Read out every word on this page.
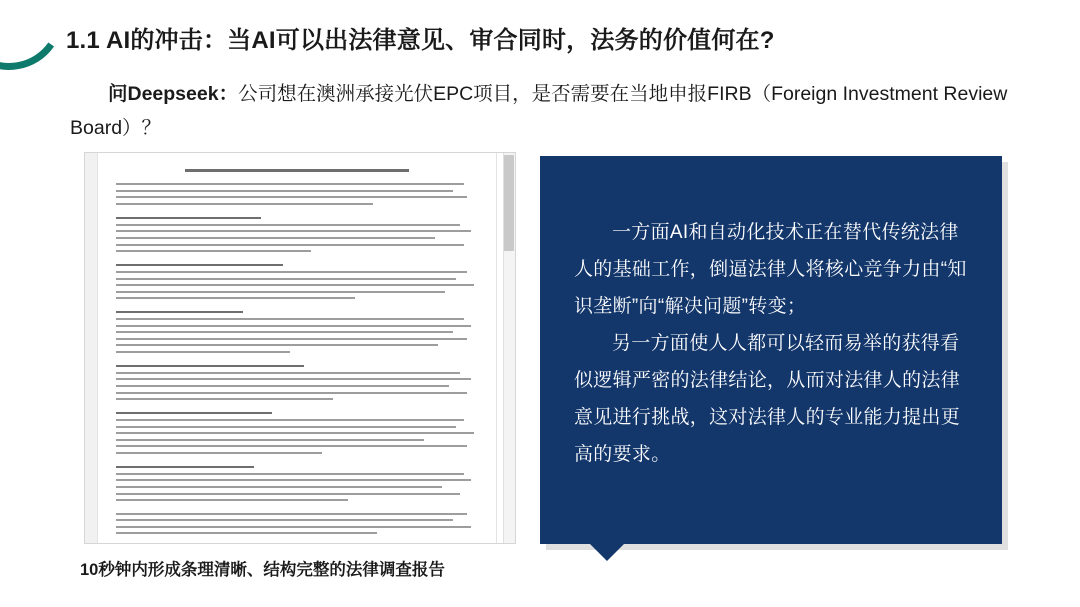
1.1 AI的冲击：当AI可以出法律意见、审合同时，法务的价值何在?
问Deepseek：公司想在澳洲承接光伏EPC项目，是否需要在当地申报FIRB（Foreign Investment Review Board）？
10秒钟内形成条理清晰、结构完整的法律调查报告

一方面AI和自动化技术正在替代传统法律人的基础工作，倒逼法律人将核心竞争力由“知识垄断”向“解决问题”转变；

另一方面使人人都可以轻而易举的获得看似逻辑严密的法律结论，从而对法律人的法律意见进行挑战，这对法律人的专业能力提出更高的要求。
